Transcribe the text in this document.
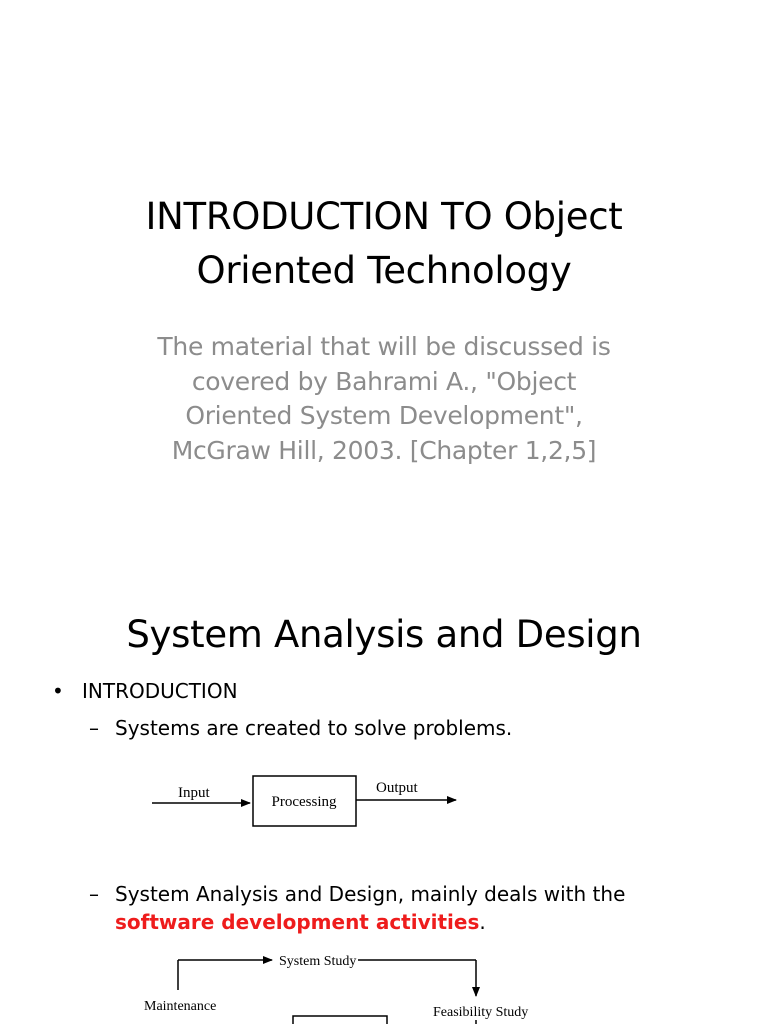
INTRODUCTION TO Object
Oriented Technology
The material that will be discussed is
covered by Bahrami A., "Object
Oriented System Development",
McGraw Hill, 2003. [Chapter 1,2,5]
System Analysis and Design
• INTRODUCTION
– Systems are created to solve problems.
Input
Processing
Output
System Study
Maintenance	Feasibility Study
– System Analysis and Design, mainly deals with the
software development activities.
